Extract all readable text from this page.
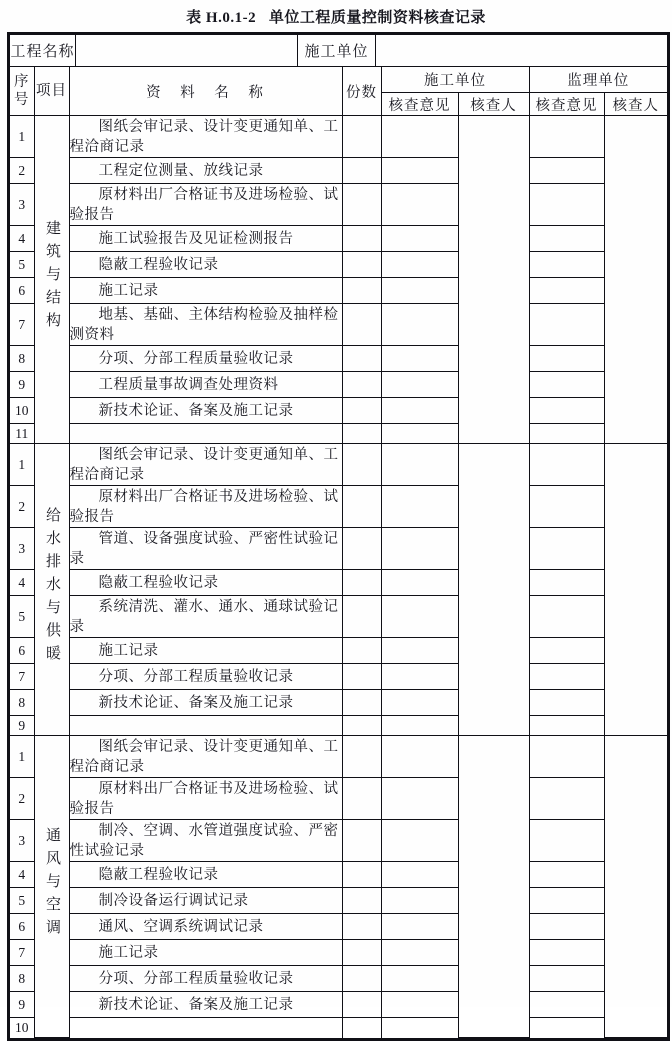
表 H.0.1-2   单位工程质量控制资料核查记录
工程名称	施工单位
序号	项目	资 料 名 称	份数	施工单位		监理单位	
				核查意见	核查人	核查意见	核查人
1	建筑与结构	图纸会审记录、设计变更通知单、工程洽商记录					
2		工程定位测量、放线记录					
3		原材料出厂合格证书及进场检验、试验报告					
4		施工试验报告及见证检测报告					
5		隐蔽工程验收记录					
6		施工记录					
7		地基、基础、主体结构检验及抽样检测资料					
8		分项、分部工程质量验收记录					
9		工程质量事故调查处理资料					
10		新技术论证、备案及施工记录					
11							
1	给水排水与供暖	图纸会审记录、设计变更通知单、工程洽商记录					
2		原材料出厂合格证书及进场检验、试验报告					
3		管道、设备强度试验、严密性试验记录					
4		隐蔽工程验收记录					
5		系统清洗、灌水、通水、通球试验记录					
6		施工记录					
7		分项、分部工程质量验收记录					
8		新技术论证、备案及施工记录					
9							
1	通风与空调	图纸会审记录、设计变更通知单、工程洽商记录					
2		原材料出厂合格证书及进场检验、试验报告					
3		制冷、空调、水管道强度试验、严密性试验记录					
4		隐蔽工程验收记录					
5		制冷设备运行调试记录					
6		通风、空调系统调试记录					
7		施工记录					
8		分项、分部工程质量验收记录					
9		新技术论证、备案及施工记录					
10							
